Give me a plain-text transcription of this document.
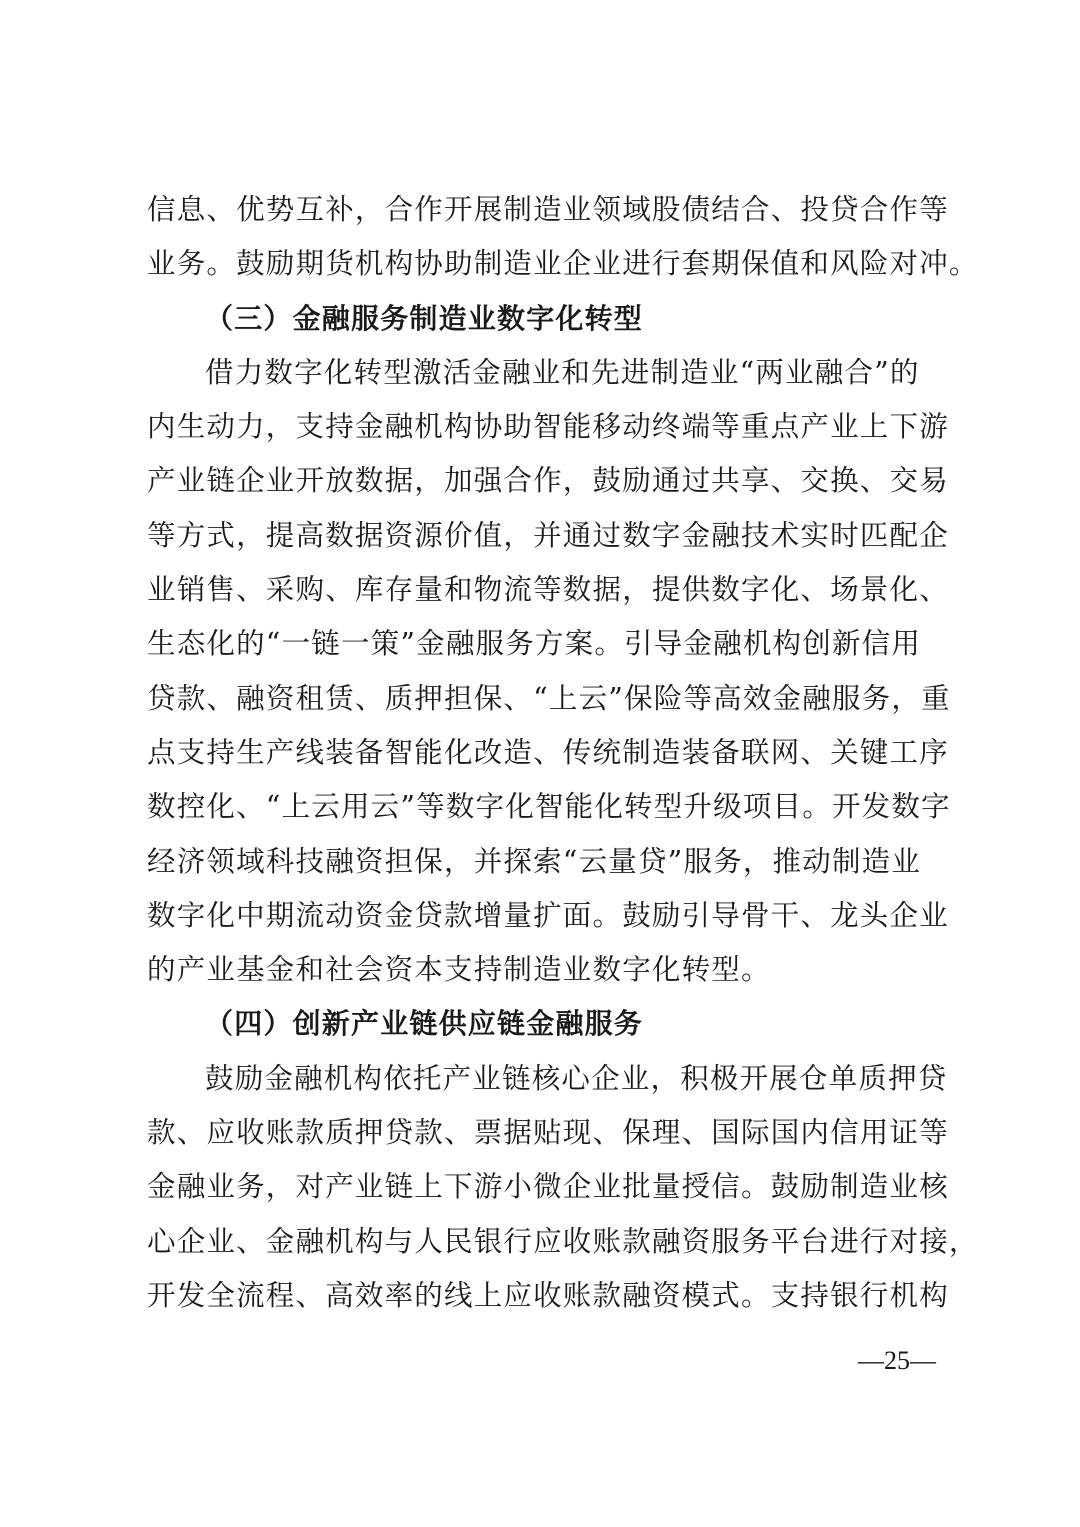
信息、优势互补，合作开展制造业领域股债结合、投贷合作等
业务。鼓励期货机构协助制造业企业进行套期保值和风险对冲。
（三）金融服务制造业数字化转型
借力数字化转型激活金融业和先进制造业“两业融合”的
内生动力，支持金融机构协助智能移动终端等重点产业上下游
产业链企业开放数据，加强合作，鼓励通过共享、交换、交易
等方式，提高数据资源价值，并通过数字金融技术实时匹配企
业销售、采购、库存量和物流等数据，提供数字化、场景化、
生态化的“一链一策”金融服务方案。引导金融机构创新信用
贷款、融资租赁、质押担保、“上云”保险等高效金融服务，重
点支持生产线装备智能化改造、传统制造装备联网、关键工序
数控化、“上云用云”等数字化智能化转型升级项目。开发数字
经济领域科技融资担保，并探索“云量贷”服务，推动制造业
数字化中期流动资金贷款增量扩面。鼓励引导骨干、龙头企业
的产业基金和社会资本支持制造业数字化转型。
（四）创新产业链供应链金融服务
鼓励金融机构依托产业链核心企业，积极开展仓单质押贷
款、应收账款质押贷款、票据贴现、保理、国际国内信用证等
金融业务，对产业链上下游小微企业批量授信。鼓励制造业核
心企业、金融机构与人民银行应收账款融资服务平台进行对接，
开发全流程、高效率的线上应收账款融资模式。支持银行机构
—25—
